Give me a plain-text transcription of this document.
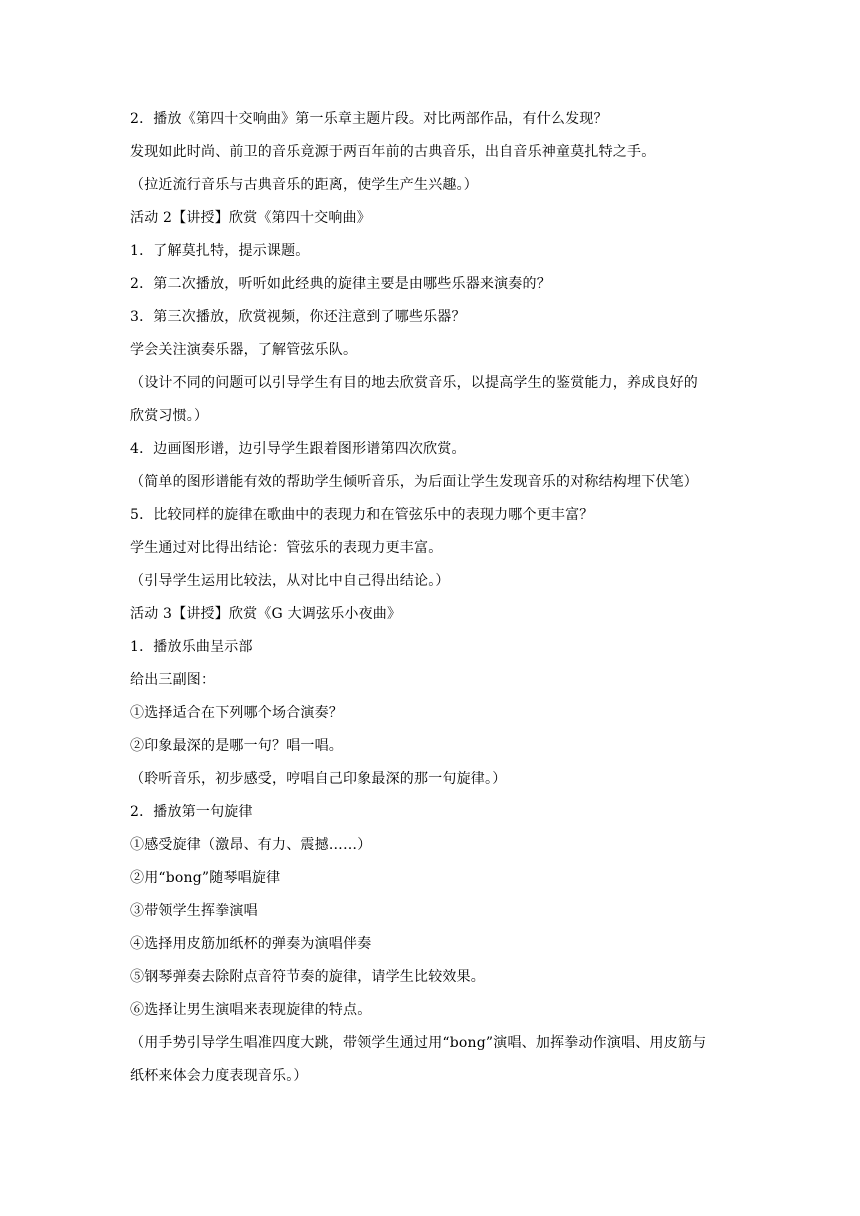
2．播放《第四十交响曲》第一乐章主题片段。对比两部作品，有什么发现？
发现如此时尚、前卫的音乐竟源于两百年前的古典音乐，出自音乐神童莫扎特之手。
（拉近流行音乐与古典音乐的距离，使学生产生兴趣。）
活动 2【讲授】欣赏《第四十交响曲》
1．了解莫扎特，提示课题。
2．第二次播放，听听如此经典的旋律主要是由哪些乐器来演奏的？
3．第三次播放，欣赏视频，你还注意到了哪些乐器？
学会关注演奏乐器，了解管弦乐队。
（设计不同的问题可以引导学生有目的地去欣赏音乐，以提高学生的鉴赏能力，养成良好的
欣赏习惯。）
4．边画图形谱，边引导学生跟着图形谱第四次欣赏。
（简单的图形谱能有效的帮助学生倾听音乐，为后面让学生发现音乐的对称结构埋下伏笔）
5．比较同样的旋律在歌曲中的表现力和在管弦乐中的表现力哪个更丰富？
学生通过对比得出结论：管弦乐的表现力更丰富。
（引导学生运用比较法，从对比中自己得出结论。）
活动 3【讲授】欣赏《G 大调弦乐小夜曲》
1．播放乐曲呈示部
给出三副图：
①选择适合在下列哪个场合演奏？
②印象最深的是哪一句？唱一唱。
（聆听音乐，初步感受，哼唱自己印象最深的那一句旋律。）
2．播放第一句旋律
①感受旋律（激昂、有力、震撼……）
②用“bong”随琴唱旋律
③带领学生挥拳演唱
④选择用皮筋加纸杯的弹奏为演唱伴奏
⑤钢琴弹奏去除附点音符节奏的旋律，请学生比较效果。
⑥选择让男生演唱来表现旋律的特点。
（用手势引导学生唱准四度大跳，带领学生通过用“bong”演唱、加挥拳动作演唱、用皮筋与
纸杯来体会力度表现音乐。）
